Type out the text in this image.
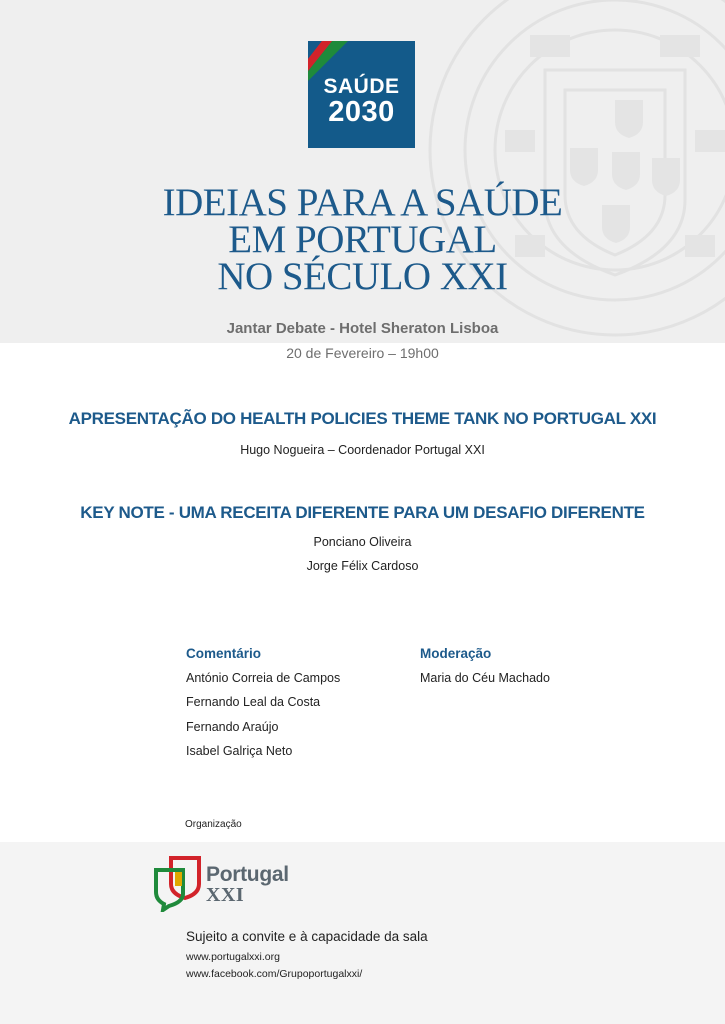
SAÚDE
2030
IDEIAS PARA A SAÚDE
EM PORTUGAL
NO SÉCULO XXI
Jantar Debate - Hotel Sheraton Lisboa
20 de Fevereiro – 19h00
APRESENTAÇÃO DO HEALTH POLICIES THEME TANK NO PORTUGAL XXI
Hugo Nogueira – Coordenador Portugal XXI
KEY NOTE - UMA RECEITA DIFERENTE PARA UM DESAFIO DIFERENTE
Ponciano Oliveira
Jorge Félix Cardoso
Comentário
António Correia de Campos
Fernando Leal da Costa
Fernando Araújo
Isabel Galriça Neto
Moderação
Maria do Céu Machado
Organização
Portugal
XXI
Sujeito a convite e à capacidade da sala
www.portugalxxi.org
www.facebook.com/Grupoportugalxxi/
